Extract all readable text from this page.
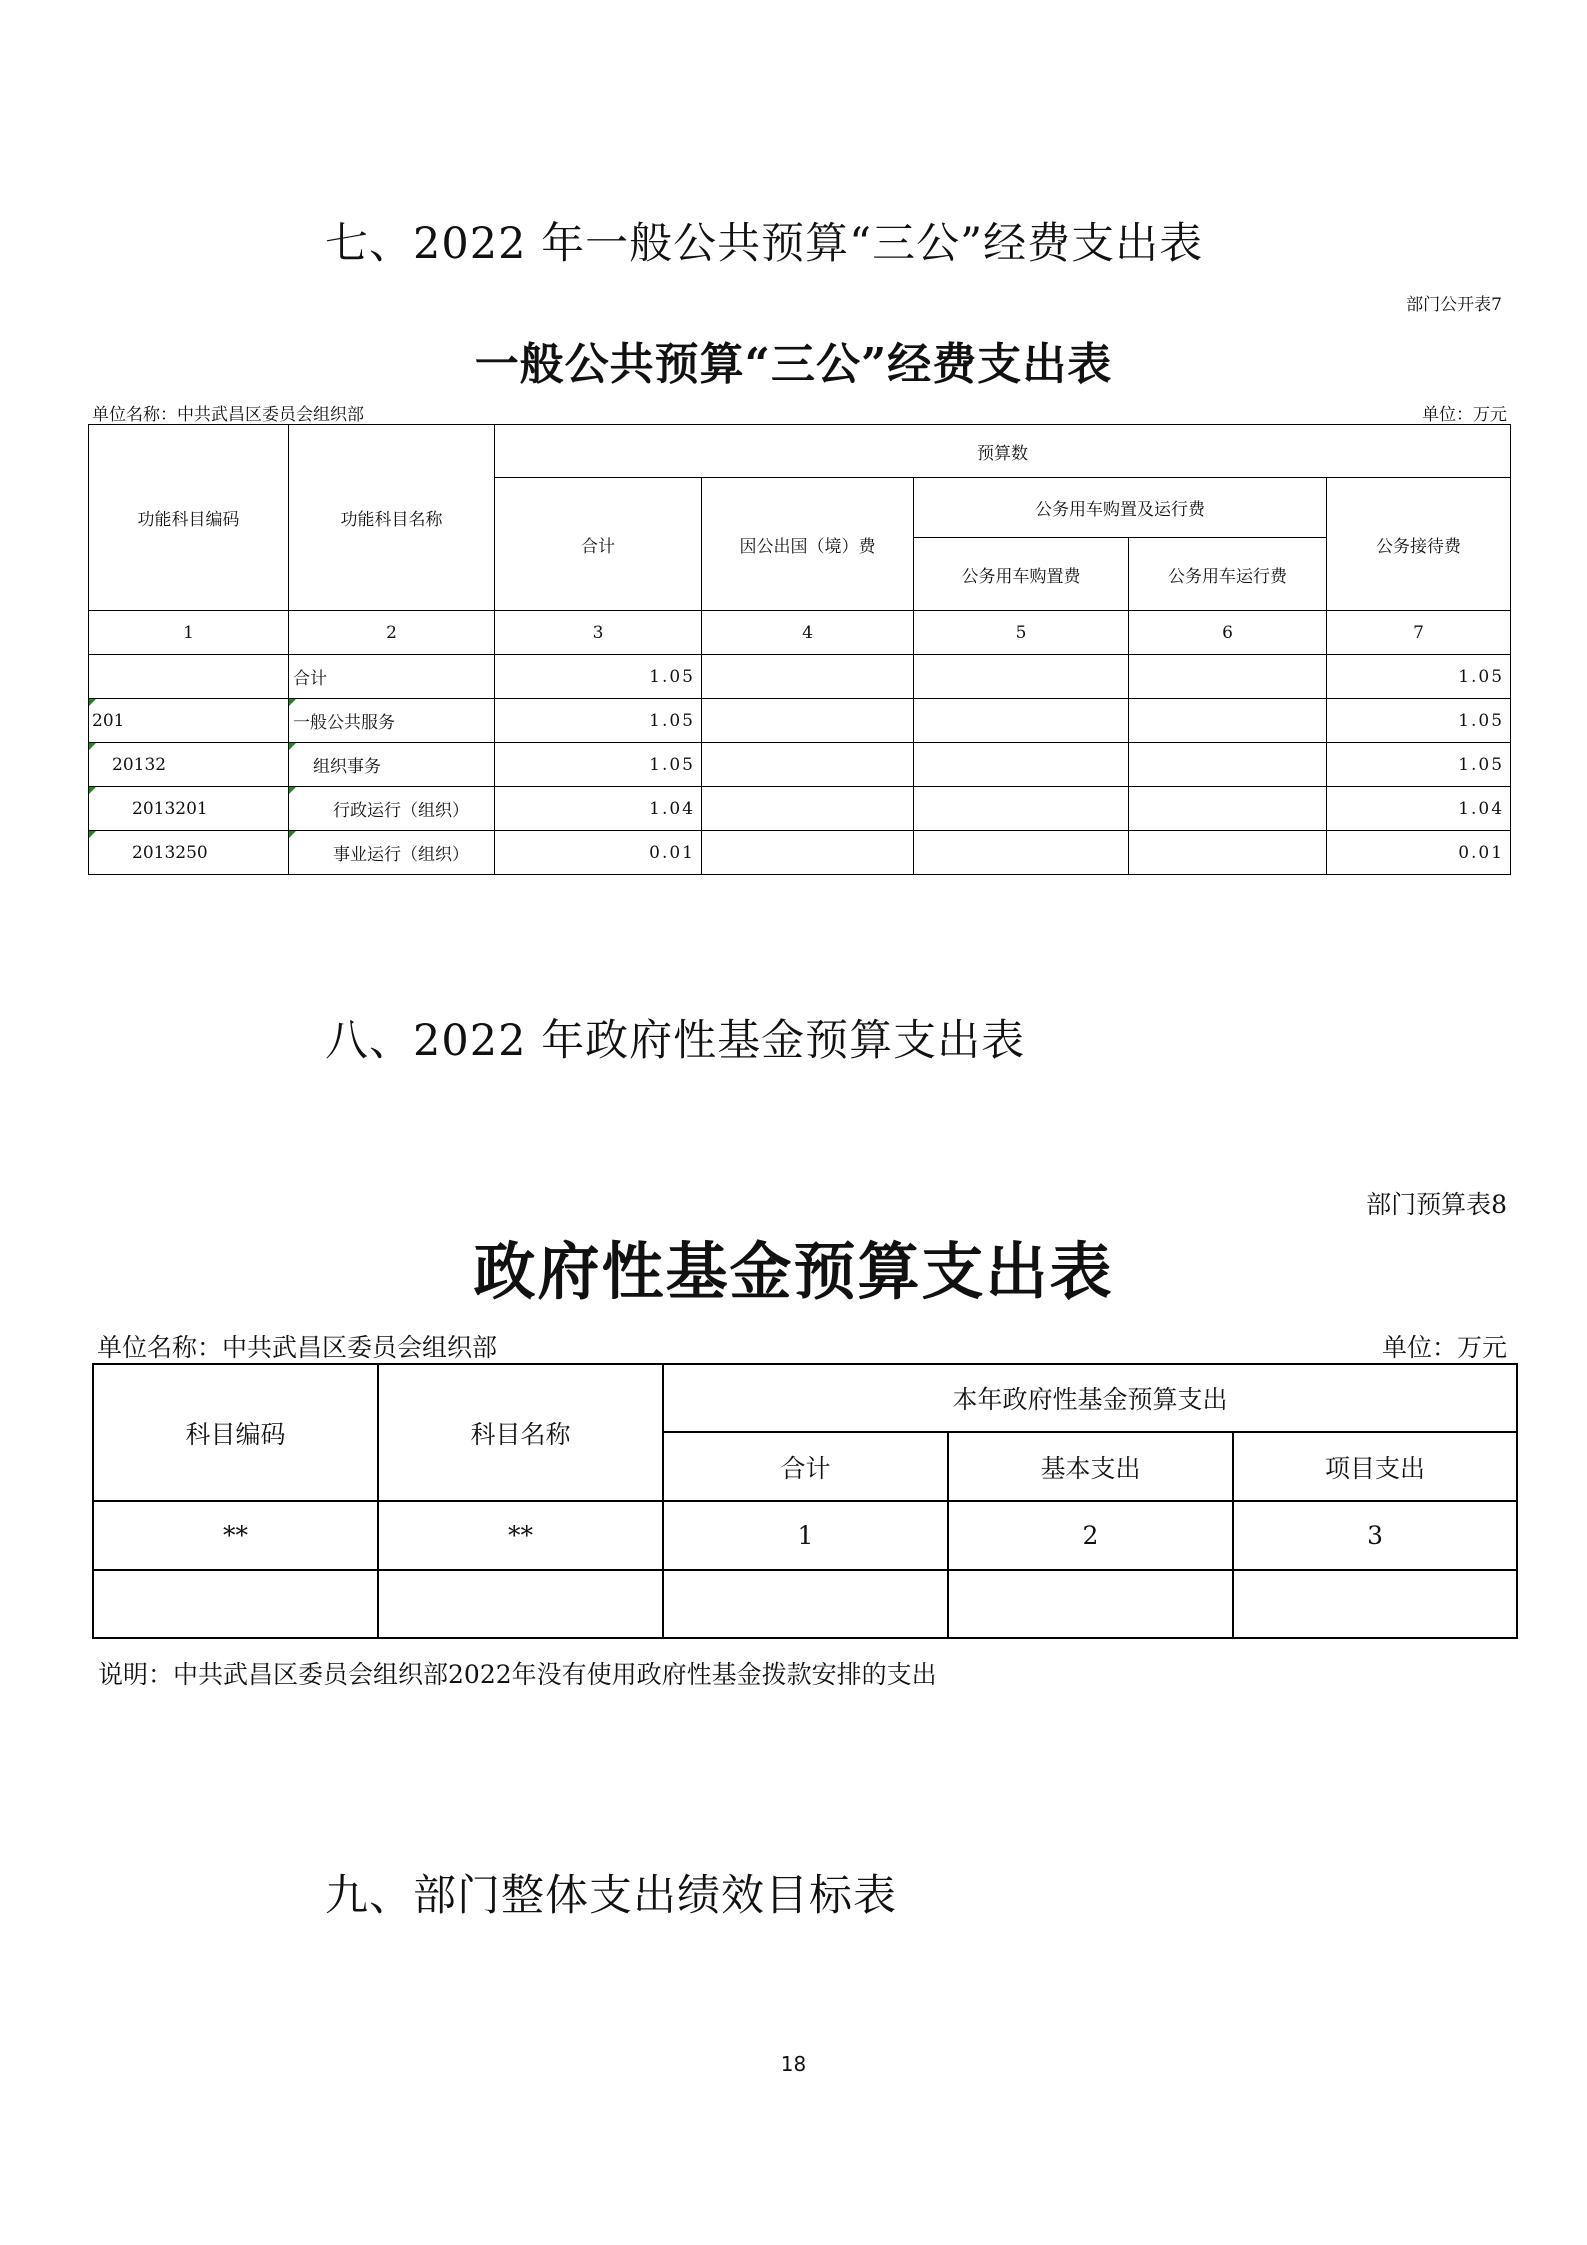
七、2022 年一般公共预算“三公”经费支出表
部门公开表7
一般公共预算“三公”经费支出表
单位名称：中共武昌区委员会组织部	单位：万元
功能科目编码	功能科目名称	预算数				
		合计	因公出国（境）费	公务用车购置及运行费		公务接待费
				公务用车购置费	公务用车运行费	
1	2	3	4	5	6	7
	合计	1.05				1.05

201	一般公共服务	1.05				1.05

20132	组织事务	1.05				1.05

2013201	行政运行（组织）	1.04				1.04

2013250	事业运行（组织）	0.01				0.01
八、2022 年政府性基金预算支出表
部门预算表8
政府性基金预算支出表
单位名称：中共武昌区委员会组织部	单位：万元
科目编码	科目名称	本年政府性基金预算支出		
		合计	基本支出	项目支出
**	**	1	2	3

说明：中共武昌区委员会组织部2022年没有使用政府性基金拨款安排的支出
九、部门整体支出绩效目标表
18
